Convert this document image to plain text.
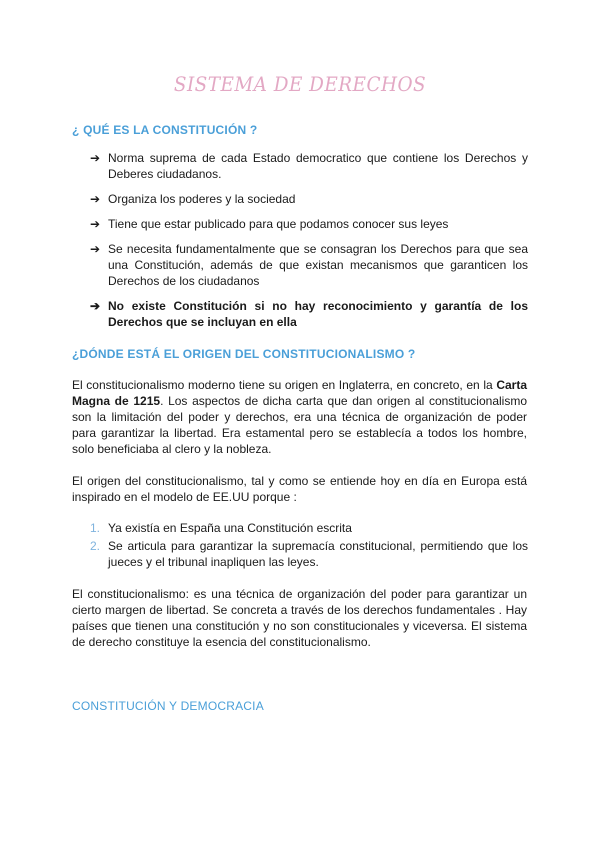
SISTEMA DE DERECHOS
¿ QUÉ ES LA CONSTITUCIÓN ?
➔ Norma suprema de cada Estado democratico que contiene los Derechos y Deberes ciudadanos.
➔ Organiza los poderes y la sociedad
➔ Tiene que estar publicado para que podamos conocer sus leyes
➔ Se necesita fundamentalmente que se consagran los Derechos para que sea una Constitución, además de que existan mecanismos que garanticen los Derechos de los ciudadanos
➔ No existe Constitución si no hay reconocimiento y garantía de los Derechos que se incluyan en ella
¿DÓNDE ESTÁ EL ORIGEN DEL CONSTITUCIONALISMO ?

El constitucionalismo moderno tiene su origen en Inglaterra, en concreto, en la Carta Magna de 1215. Los aspectos de dicha carta que dan origen al constitucionalismo son la limitación del poder y derechos, era una técnica de organización de poder para garantizar la libertad. Era estamental pero se establecía a todos los hombre, solo beneficiaba al clero y la nobleza.

El origen del constitucionalismo, tal y como se entiende hoy en día en Europa está inspirado en el modelo de EE.UU porque :

1. Ya existía en España una Constitución escrita
2. Se articula para garantizar la supremacía constitucional, permitiendo que los jueces y el tribunal inapliquen las leyes.

El constitucionalismo: es una técnica de organización del poder para garantizar un cierto margen de libertad. Se concreta a través de los derechos fundamentales . Hay países que tienen una constitución y no son constitucionales y viceversa. El sistema de derecho constituye la esencia del constitucionalismo.

CONSTITUCIÓN Y DEMOCRACIA
